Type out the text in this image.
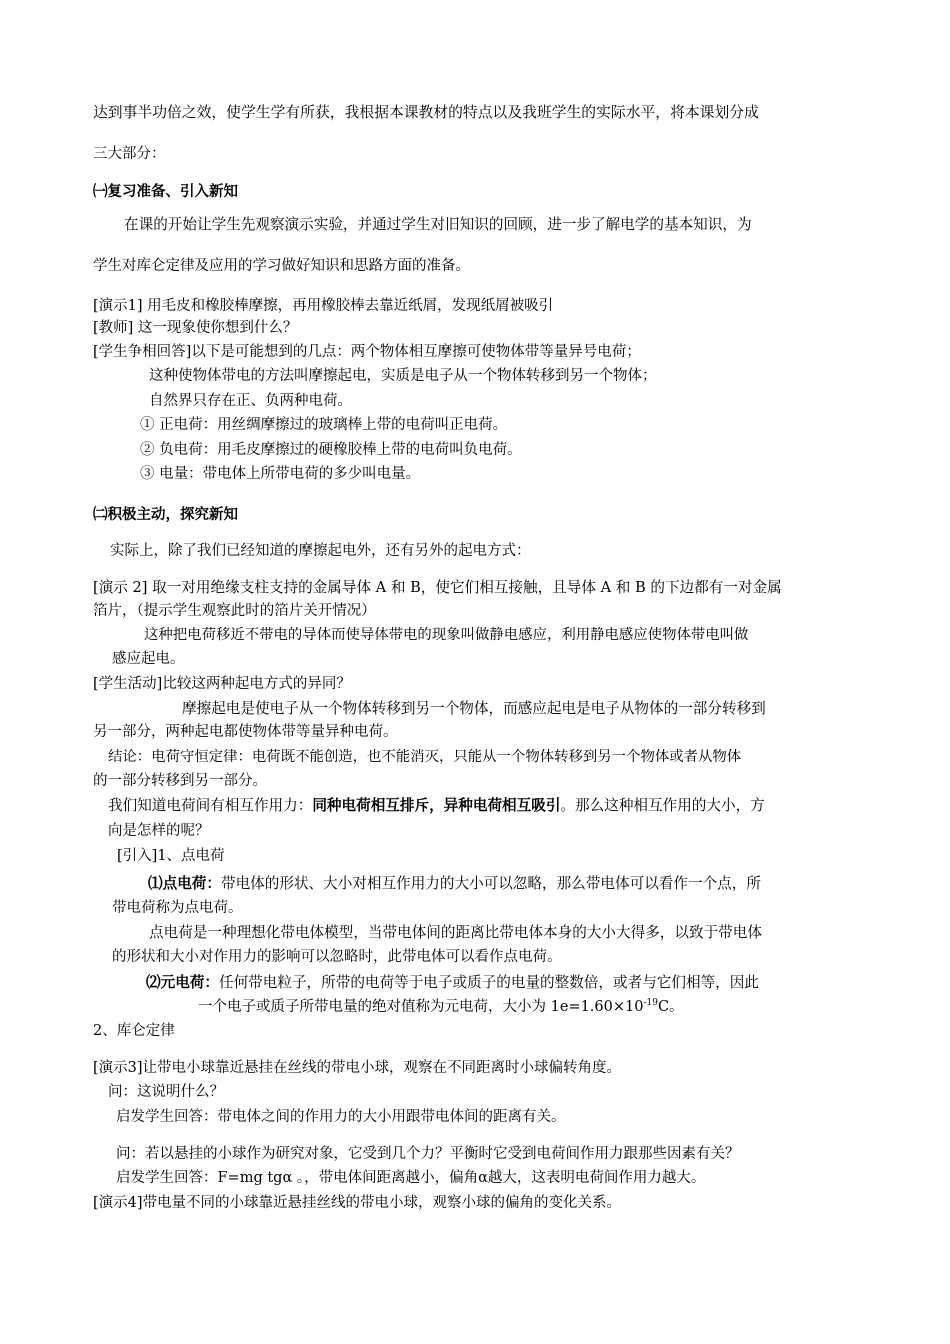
达到事半功倍之效，使学生学有所获，我根据本课教材的特点以及我班学生的实际水平，将本课划分成
三大部分：
㈠复习准备、引入新知
在课的开始让学生先观察演示实验，并通过学生对旧知识的回顾，进一步了解电学的基本知识，为
学生对库仑定律及应用的学习做好知识和思路方面的准备。
[演示1] 用毛皮和橡胶棒摩擦，再用橡胶棒去靠近纸屑，发现纸屑被吸引
[教师] 这一现象使你想到什么？
[学生争相回答]以下是可能想到的几点：两个物体相互摩擦可使物体带等量异号电荷；
这种使物体带电的方法叫摩擦起电，实质是电子从一个物体转移到另一个物体；
自然界只存在正、负两种电荷。
① 正电荷：用丝绸摩擦过的玻璃棒上带的电荷叫正电荷。
② 负电荷：用毛皮摩擦过的硬橡胶棒上带的电荷叫负电荷。
③ 电量：带电体上所带电荷的多少叫电量。
㈡积极主动，探究新知
实际上，除了我们已经知道的摩擦起电外，还有另外的起电方式：
[演示 2] 取一对用绝缘支柱支持的金属导体 A 和 B，使它们相互接触，且导体 A 和 B 的下边都有一对金属
箔片，（提示学生观察此时的箔片关开情况）
这种把电荷移近不带电的导体而使导体带电的现象叫做静电感应，利用静电感应使物体带电叫做
感应起电。
[学生活动]比较这两种起电方式的异同？
摩擦起电是使电子从一个物体转移到另一个物体，而感应起电是电子从物体的一部分转移到
另一部分，两种起电都使物体带等量异种电荷。
结论：电荷守恒定律：电荷既不能创造，也不能消灭，只能从一个物体转移到另一个物体或者从物体
的一部分转移到另一部分。
我们知道电荷间有相互作用力：同种电荷相互排斥，异种电荷相互吸引。那么这种相互作用的大小，方
向是怎样的呢？
[引入]1、点电荷
⑴点电荷：带电体的形状、大小对相互作用力的大小可以忽略，那么带电体可以看作一个点，所
带电荷称为点电荷。
点电荷是一种理想化带电体模型，当带电体间的距离比带电体本身的大小大得多，以致于带电体
的形状和大小对作用力的影响可以忽略时，此带电体可以看作点电荷。
⑵元电荷：任何带电粒子，所带的电荷等于电子或质子的电量的整数倍，或者与它们相等，因此
一个电子或质子所带电量的绝对值称为元电荷，大小为 $1e=1.60\times 10^{-19}C$。
2、库仑定律
[演示3]让带电小球靠近悬挂在丝线的带电小球，观察在不同距离时小球偏转角度。
问：这说明什么？
启发学生回答：带电体之间的作用力的大小用跟带电体间的距离有关。
问：若以悬挂的小球作为研究对象，它受到几个力？平衡时它受到电荷间作用力跟那些因素有关？
启发学生回答：F=mg tgα 。，带电体间距离越小，偏角α越大，这表明电荷间作用力越大。
[演示4]带电量不同的小球靠近悬挂丝线的带电小球，观察小球的偏角的变化关系。
